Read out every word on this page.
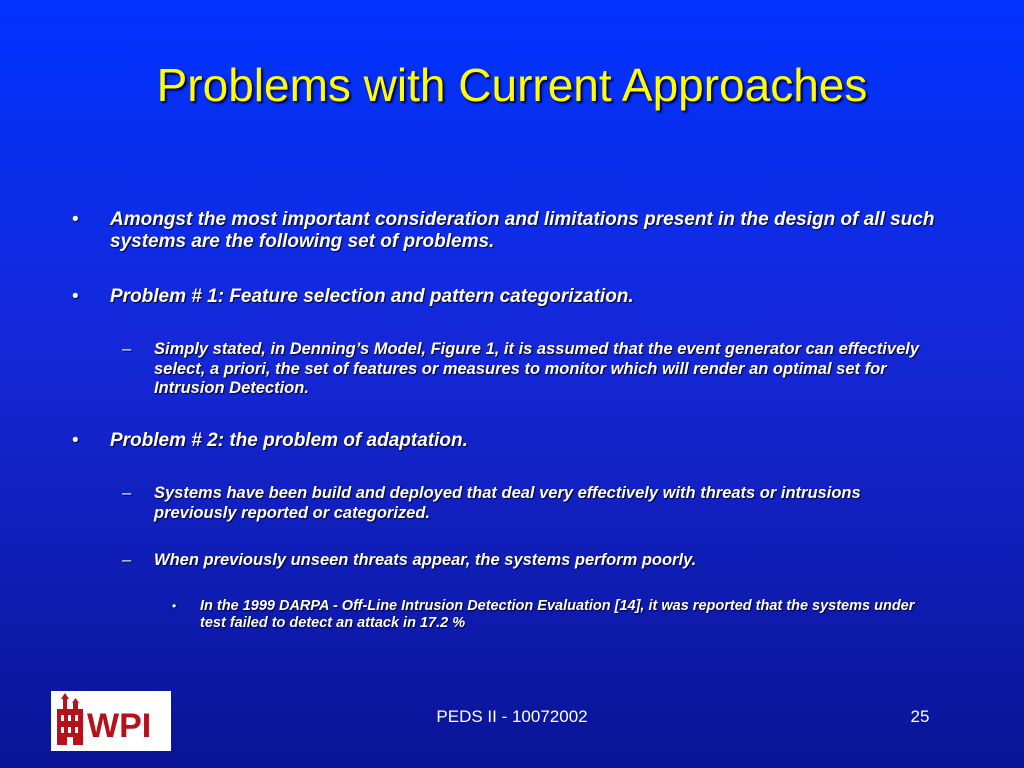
Problems with Current Approaches
• Amongst the most important consideration and limitations present in the design of all such systems are the following set of problems.
• Problem # 1: Feature selection and pattern categorization.
– Simply stated, in Denning’s Model, Figure 1, it is assumed that the event generator can effectively select, a priori, the set of features or measures to monitor which will render an optimal set for Intrusion Detection.
• Problem # 2: the problem of adaptation.
– Systems have been build and deployed that deal very effectively with threats or intrusions previously reported or categorized.
– When previously unseen threats appear, the systems perform poorly.
• In the 1999 DARPA - Off-Line Intrusion Detection Evaluation [14], it was reported that the systems under test failed to detect an attack in 17.2 %
WPI	PEDS II - 10072002	25
